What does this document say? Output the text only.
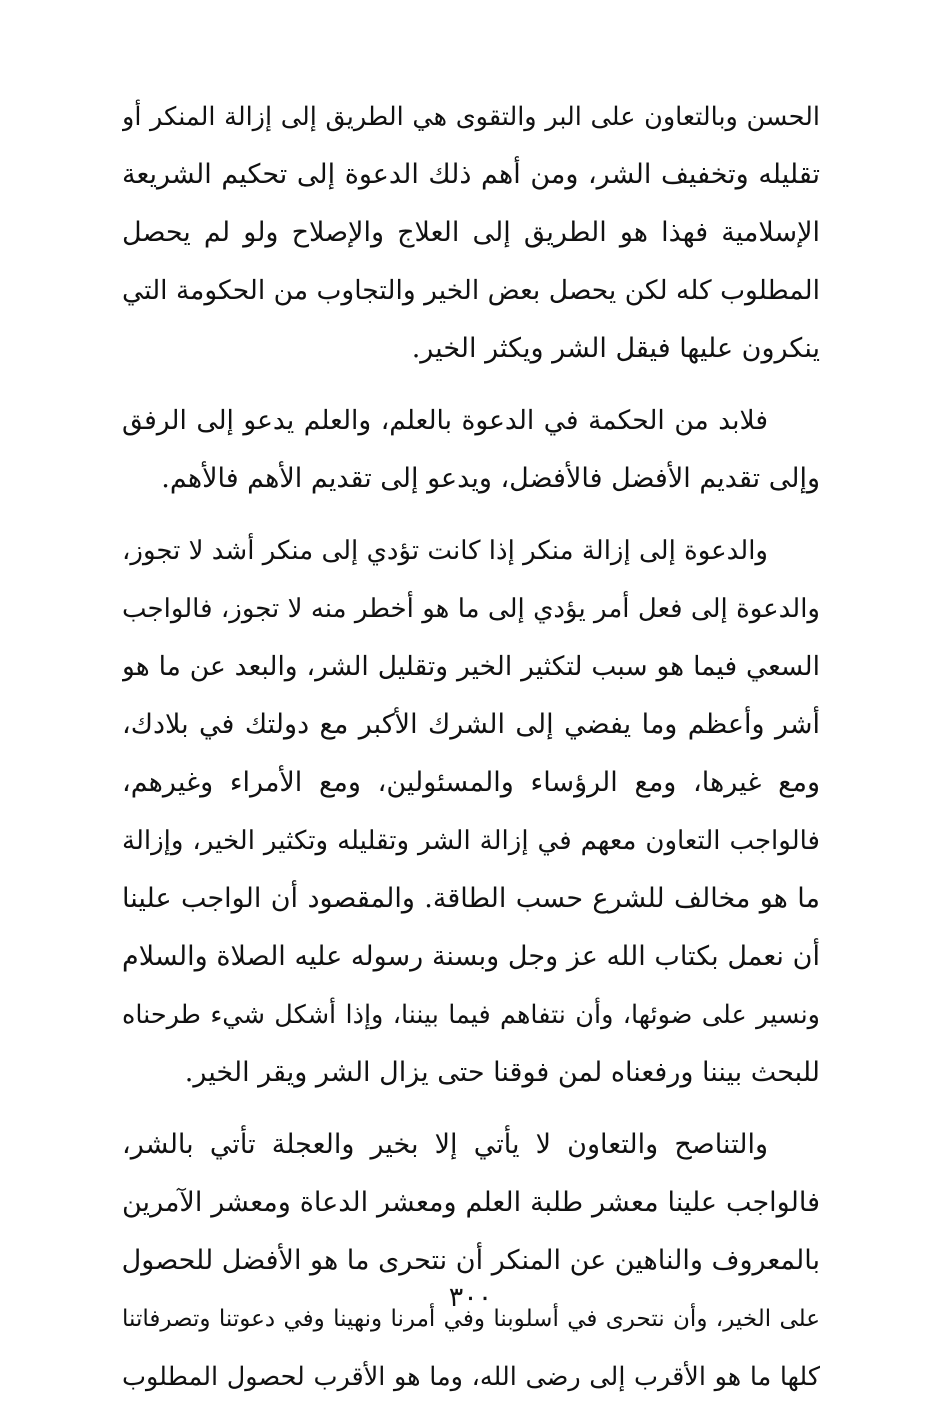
الحسن وبالتعاون على البر والتقوى هي الطريق إلى إزالة المنكر أو
تقليله وتخفيف الشر، ومن أهم ذلك الدعوة إلى تحكيم الشريعة
الإسلامية فهذا هو الطريق إلى العلاج والإصلاح ولو لم يحصل
المطلوب كله لكن يحصل بعض الخير والتجاوب من الحكومة التي
ينكرون عليها فيقل الشر ويكثر الخير.
فلابد من الحكمة في الدعوة بالعلم، والعلم يدعو إلى الرفق
وإلى تقديم الأفضل فالأفضل، ويدعو إلى تقديم الأهم فالأهم.
والدعوة إلى إزالة منكر إذا كانت تؤدي إلى منكر أشد لا تجوز،
والدعوة إلى فعل أمر يؤدي إلى ما هو أخطر منه لا تجوز، فالواجب
السعي فيما هو سبب لتكثير الخير وتقليل الشر، والبعد عن ما هو
أشر وأعظم وما يفضي إلى الشرك الأكبر مع دولتك في بلادك،
ومع غيرها، ومع الرؤساء والمسئولين، ومع الأمراء وغيرهم،
فالواجب التعاون معهم في إزالة الشر وتقليله وتكثير الخير، وإزالة
ما هو مخالف للشرع حسب الطاقة. والمقصود أن الواجب علينا
أن نعمل بكتاب الله عز وجل وبسنة رسوله عليه الصلاة والسلام
ونسير على ضوئها، وأن نتفاهم فيما بيننا، وإذا أشكل شيء طرحناه
للبحث بيننا ورفعناه لمن فوقنا حتى يزال الشر ويقر الخير.
والتناصح والتعاون لا يأتي إلا بخير والعجلة تأتي بالشر،
فالواجب علينا معشر طلبة العلم ومعشر الدعاة ومعشر الآمرين
بالمعروف والناهين عن المنكر أن نتحرى ما هو الأفضل للحصول
على الخير، وأن نتحرى في أسلوبنا وفي أمرنا ونهينا وفي دعوتنا وتصرفاتنا
كلها ما هو الأقرب إلى رضى الله، وما هو الأقرب لحصول المطلوب
٣٠٠
